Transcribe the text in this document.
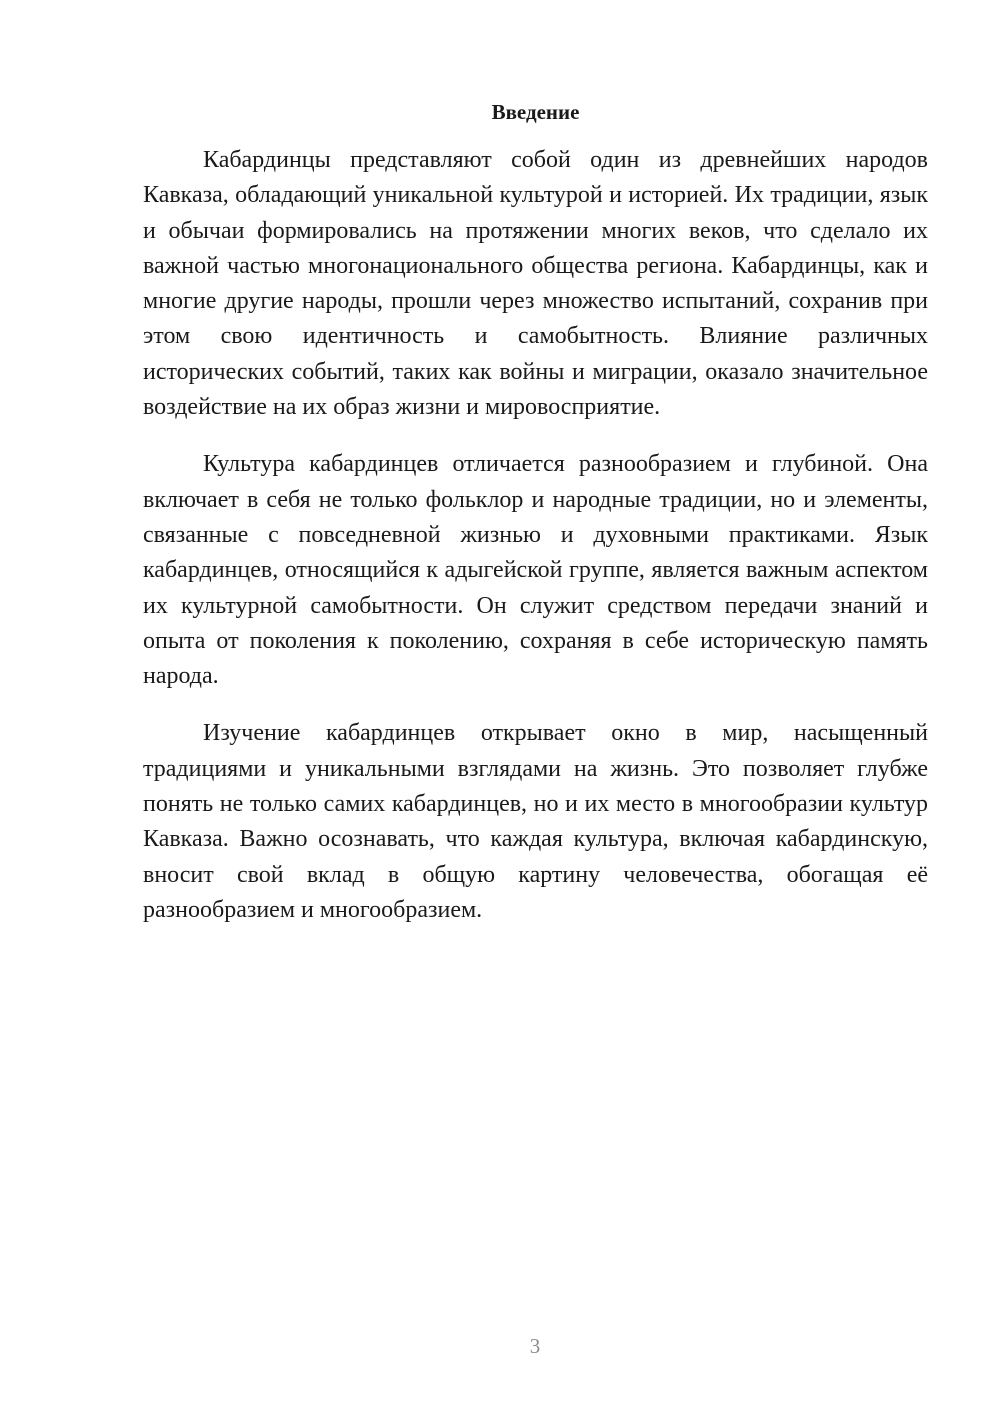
Введение

Кабардинцы представляют собой один из древнейших народов Кавказа, обладающий уникальной культурой и историей. Их традиции, язык и обычаи формировались на протяжении многих веков, что сделало их важной частью многонационального общества региона. Кабардинцы, как и многие другие народы, прошли через множество испытаний, сохранив при этом свою идентичность и самобытность. Влияние различных исторических событий, таких как войны и миграции, оказало значительное воздействие на их образ жизни и мировосприятие.

Культура кабардинцев отличается разнообразием и глубиной. Она включает в себя не только фольклор и народные традиции, но и элементы, связанные с повседневной жизнью и духовными практиками. Язык кабардинцев, относящийся к адыгейской группе, является важным аспектом их культурной самобытности. Он служит средством передачи знаний и опыта от поколения к поколению, сохраняя в себе историческую память народа.

Изучение кабардинцев открывает окно в мир, насыщенный традициями и уникальными взглядами на жизнь. Это позволяет глубже понять не только самих кабардинцев, но и их место в многообразии культур Кавказа. Важно осознавать, что каждая культура, включая кабардинскую, вносит свой вклад в общую картину человечества, обогащая её разнообразием и многообразием.

3
